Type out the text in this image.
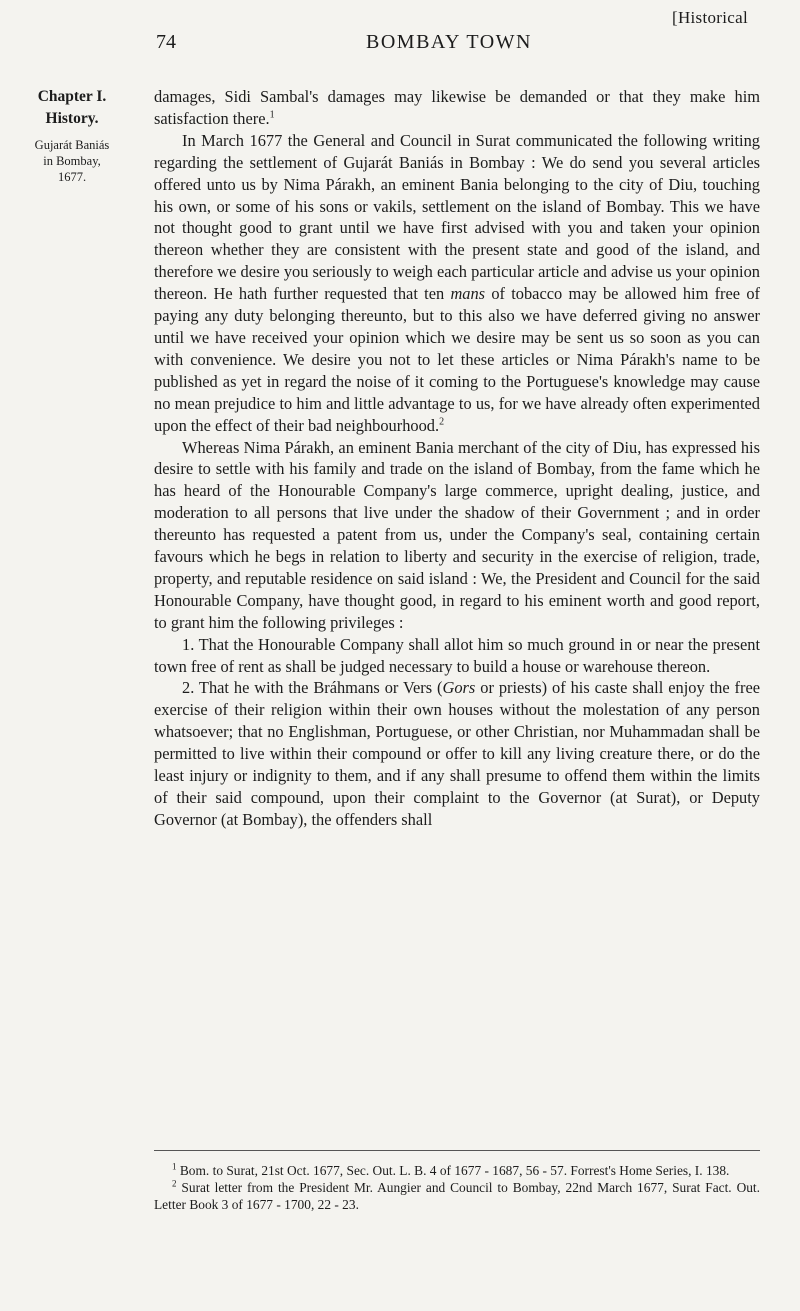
[Historical
74	BOMBAY TOWN
Chapter I.
History.
Gujarát Baniás
in Bombay,
1677.

damages, Sidi Sambal's damages may likewise be demanded or that they make him satisfaction there.$^1$

In March 1677 the General and Council in Surat communicated the following writing regarding the settlement of Gujarát Baniás in Bombay : We do send you several articles offered unto us by Nima Párakh, an eminent Bania belonging to the city of Diu, touching his own, or some of his sons or vakils, settlement on the island of Bombay. This we have not thought good to grant until we have first advised with you and taken your opinion thereon whether they are consistent with the present state and good of the island, and therefore we desire you seriously to weigh each particular article and advise us your opinion thereon. He hath further requested that ten mans of tobacco may be allowed him free of paying any duty belonging thereunto, but to this also we have deferred giving no answer until we have received your opinion which we desire may be sent us so soon as you can with convenience. We desire you not to let these articles or Nima Párakh's name to be published as yet in regard the noise of it coming to the Portuguese's knowledge may cause no mean prejudice to him and little advantage to us, for we have already often experimented upon the effect of their bad neighbourhood.$^2$

Whereas Nima Párakh, an eminent Bania merchant of the city of Diu, has expressed his desire to settle with his family and trade on the island of Bombay, from the fame which he has heard of the Honourable Company's large commerce, upright dealing, justice, and moderation to all persons that live under the shadow of their Government ; and in order thereunto has requested a patent from us, under the Company's seal, containing certain favours which he begs in relation to liberty and security in the exercise of religion, trade, property, and reputable residence on said island : We, the President and Council for the said Honourable Company, have thought good, in regard to his eminent worth and good report, to grant him the following privileges :

1. That the Honourable Company shall allot him so much ground in or near the present town free of rent as shall be judged necessary to build a house or warehouse thereon.

2. That he with the Bráhmans or Vers (Gors or priests) of his caste shall enjoy the free exercise of their religion within their own houses without the molestation of any person whatsoever; that no Englishman, Portuguese, or other Christian, nor Muhammadan shall be permitted to live within their compound or offer to kill any living creature there, or do the least injury or indignity to them, and if any shall presume to offend them within the limits of their said compound, upon their complaint to the Governor (at Surat), or Deputy Governor (at Bombay), the offenders shall

$^1$ Bom. to Surat, 21st Oct. 1677, Sec. Out. L. B. 4 of 1677 - 1687, 56 - 57. Forrest's Home Series, I. 138.

$^2$ Surat letter from the President Mr. Aungier and Council to Bombay, 22nd March 1677, Surat Fact. Out. Letter Book 3 of 1677 - 1700, 22 - 23.
